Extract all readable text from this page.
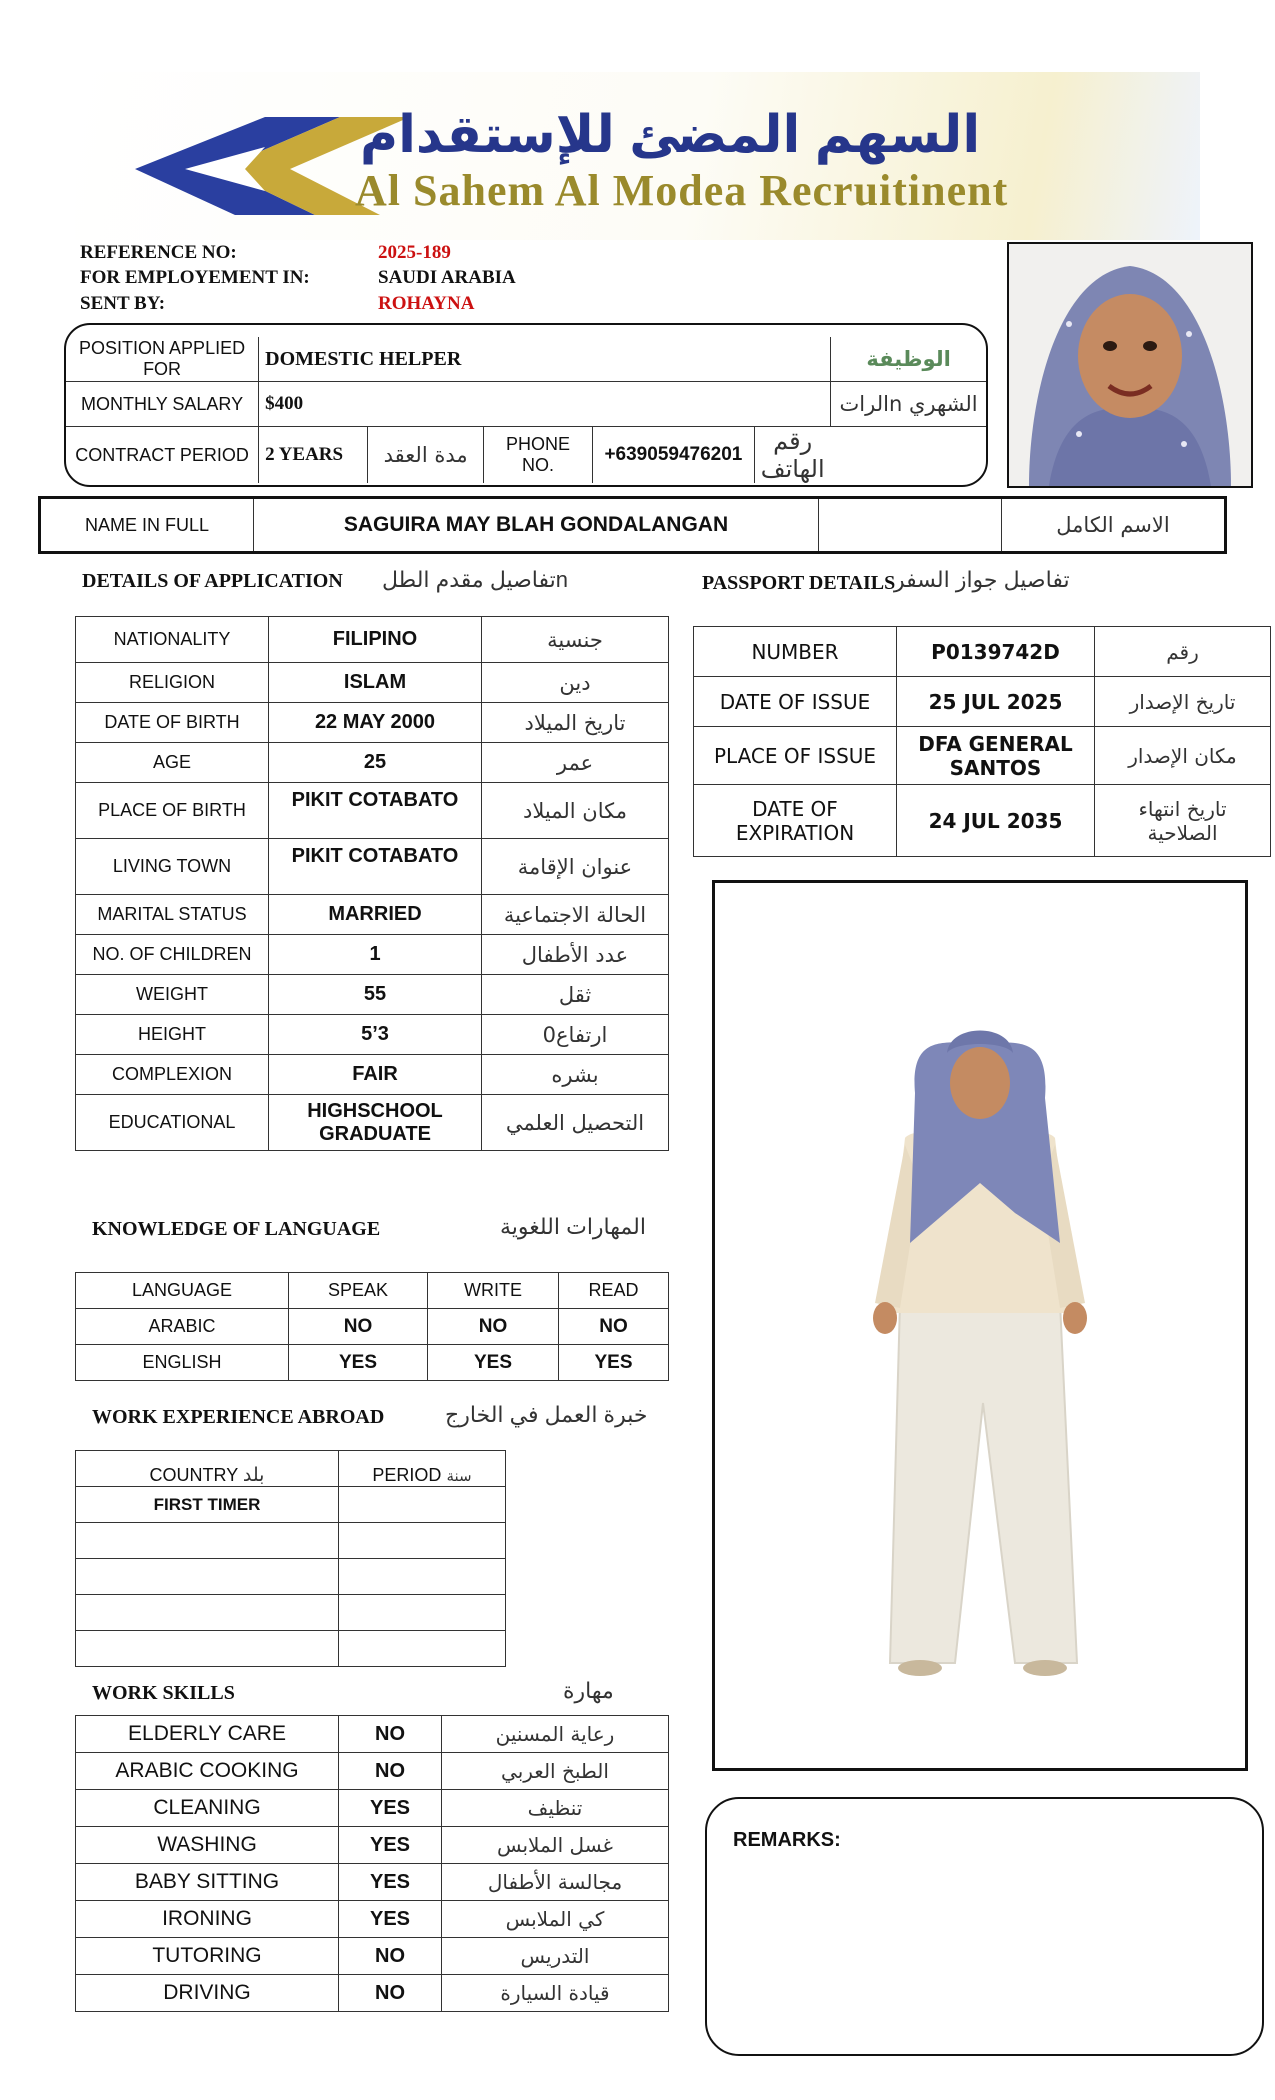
السهم المضئ للإستقدام
Al Sahem Al Modea Recruitinent
REFERENCE NO:	2025-189
FOR EMPLOYEMENT IN:	SAUDI ARABIA
SENT BY:	ROHAYNA
POSITION APPLIED FOR	DOMESTIC HELPER					الوظيفة
MONTHLY SALARY	$400					الراتn الشهري
CONTRACT PERIOD	2 YEARS	مدة العقد	PHONE NO.	+639059476201	رقم الهاتف	
NAME IN FULL	SAGUIRA MAY BLAH GONDALANGAN		الاسم الكامل
DETAILS OF APPLICATION تفاصيل مقدم الطلn
NATIONALITY	FILIPINO	جنسية
RELIGION	ISLAM	دين
DATE OF BIRTH	22 MAY 2000	تاريخ الميلاد
AGE	25	عمر
PLACE OF BIRTH	PIKIT COTABATO	مكان الميلاد
LIVING TOWN	PIKIT COTABATO	عنوان الإقامة
MARITAL STATUS	MARRIED	الحالة الاجتماعية
NO. OF CHILDREN	1	عدد الأطفال
WEIGHT	55	ثقل
HEIGHT	5’3	ارتفاع0
COMPLEXION	FAIR	بشره
EDUCATIONAL	HIGHSCHOOL GRADUATE	التحصيل العلمي
PASSPORT DETAILS
تفاصيل جواز السفر
NUMBER	P0139742D	رقم
DATE OF ISSUE	25 JUL 2025	تاريخ الإصدار
PLACE OF ISSUE	DFA GENERAL SANTOS	مكان الإصدار
DATE OF EXPIRATION	24 JUL 2035	تاريخ انتهاء الصلاحية
KNOWLEDGE OF LANGUAGE	المهارات اللغوية
LANGUAGE	SPEAK	WRITE	READ
ARABIC	NO	NO	NO
ENGLISH	YES	YES	YES
WORK EXPERIENCE ABROAD	خبرة العمل في الخارج
COUNTRY بلد	PERIOD سنة
FIRST TIMER	

WORK SKILLS	مهارة
ELDERLY CARE	NO	رعاية المسنين
ARABIC COOKING	NO	الطبخ العربي
CLEANING	YES	تنظيف
WASHING	YES	غسل الملابس
BABY SITTING	YES	مجالسة الأطفال
IRONING	YES	كي الملابس
TUTORING	NO	التدريس
DRIVING	NO	قيادة السيارة
REMARKS:
